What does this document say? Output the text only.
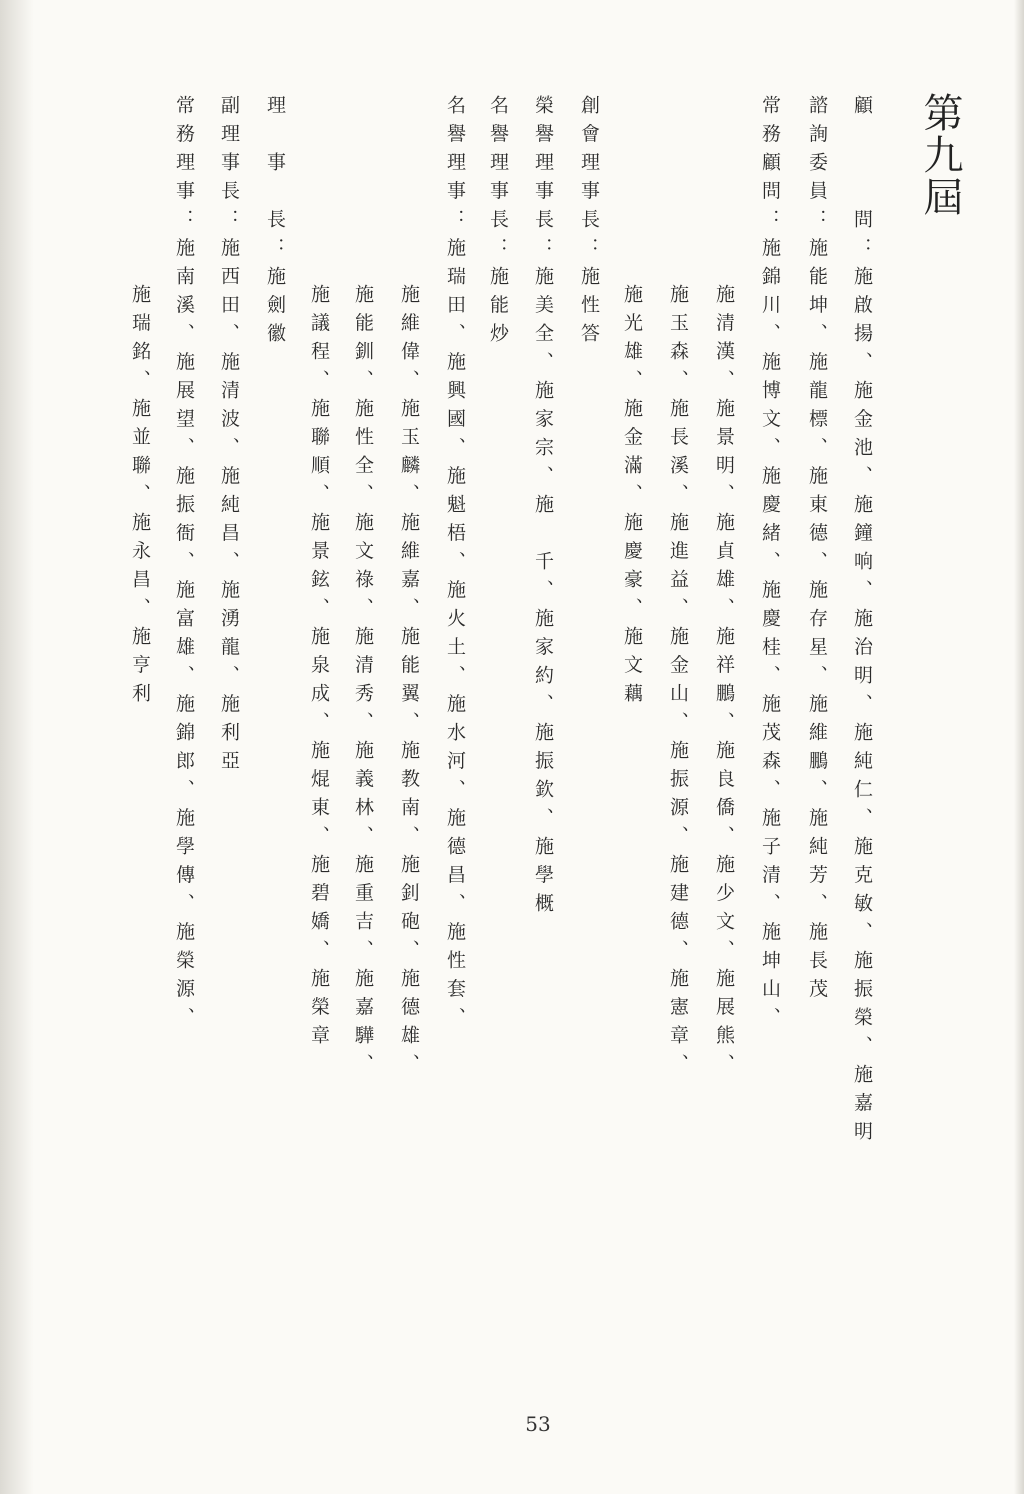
第九屆
顧　　　問：施啟揚、施金池、施鐘响、施治明、施純仁、施克敏、施振榮、施嘉明
諮詢委員：施能坤、施龍標、施東德、施存星、施維鵬、施純芳、施長茂
常務顧問：施錦川、施博文、施慶緒、施慶桂、施茂森、施子清、施坤山、
施清漢、施景明、施貞雄、施祥鵬、施良僑、施少文、施展熊、
施玉森、施長溪、施進益、施金山、施振源、施建德、施憲章、
施光雄、施金滿、施慶豪、施文藕
創會理事長：施性答
榮譽理事長：施美全、施家宗、施　千、施家約、施振欽、施學概
名譽理事長：施能炒
名譽理事：施瑞田、施興國、施魁梧、施火土、施水河、施德昌、施性套、
施維偉、施玉麟、施維嘉、施能翼、施教南、施釗砲、施德雄、
施能釧、施性全、施文祿、施清秀、施義林、施重吉、施嘉驊、
施議程、施聯順、施景鉉、施泉成、施焜東、施碧嬌、施榮章
理　事　長：施劍徽
副理事長：施西田、施清波、施純昌、施湧龍、施利亞
常務理事：施南溪、施展望、施振衙、施富雄、施錦郎、施學傳、施榮源、
施瑞銘、施並聯、施永昌、施亨利
53
